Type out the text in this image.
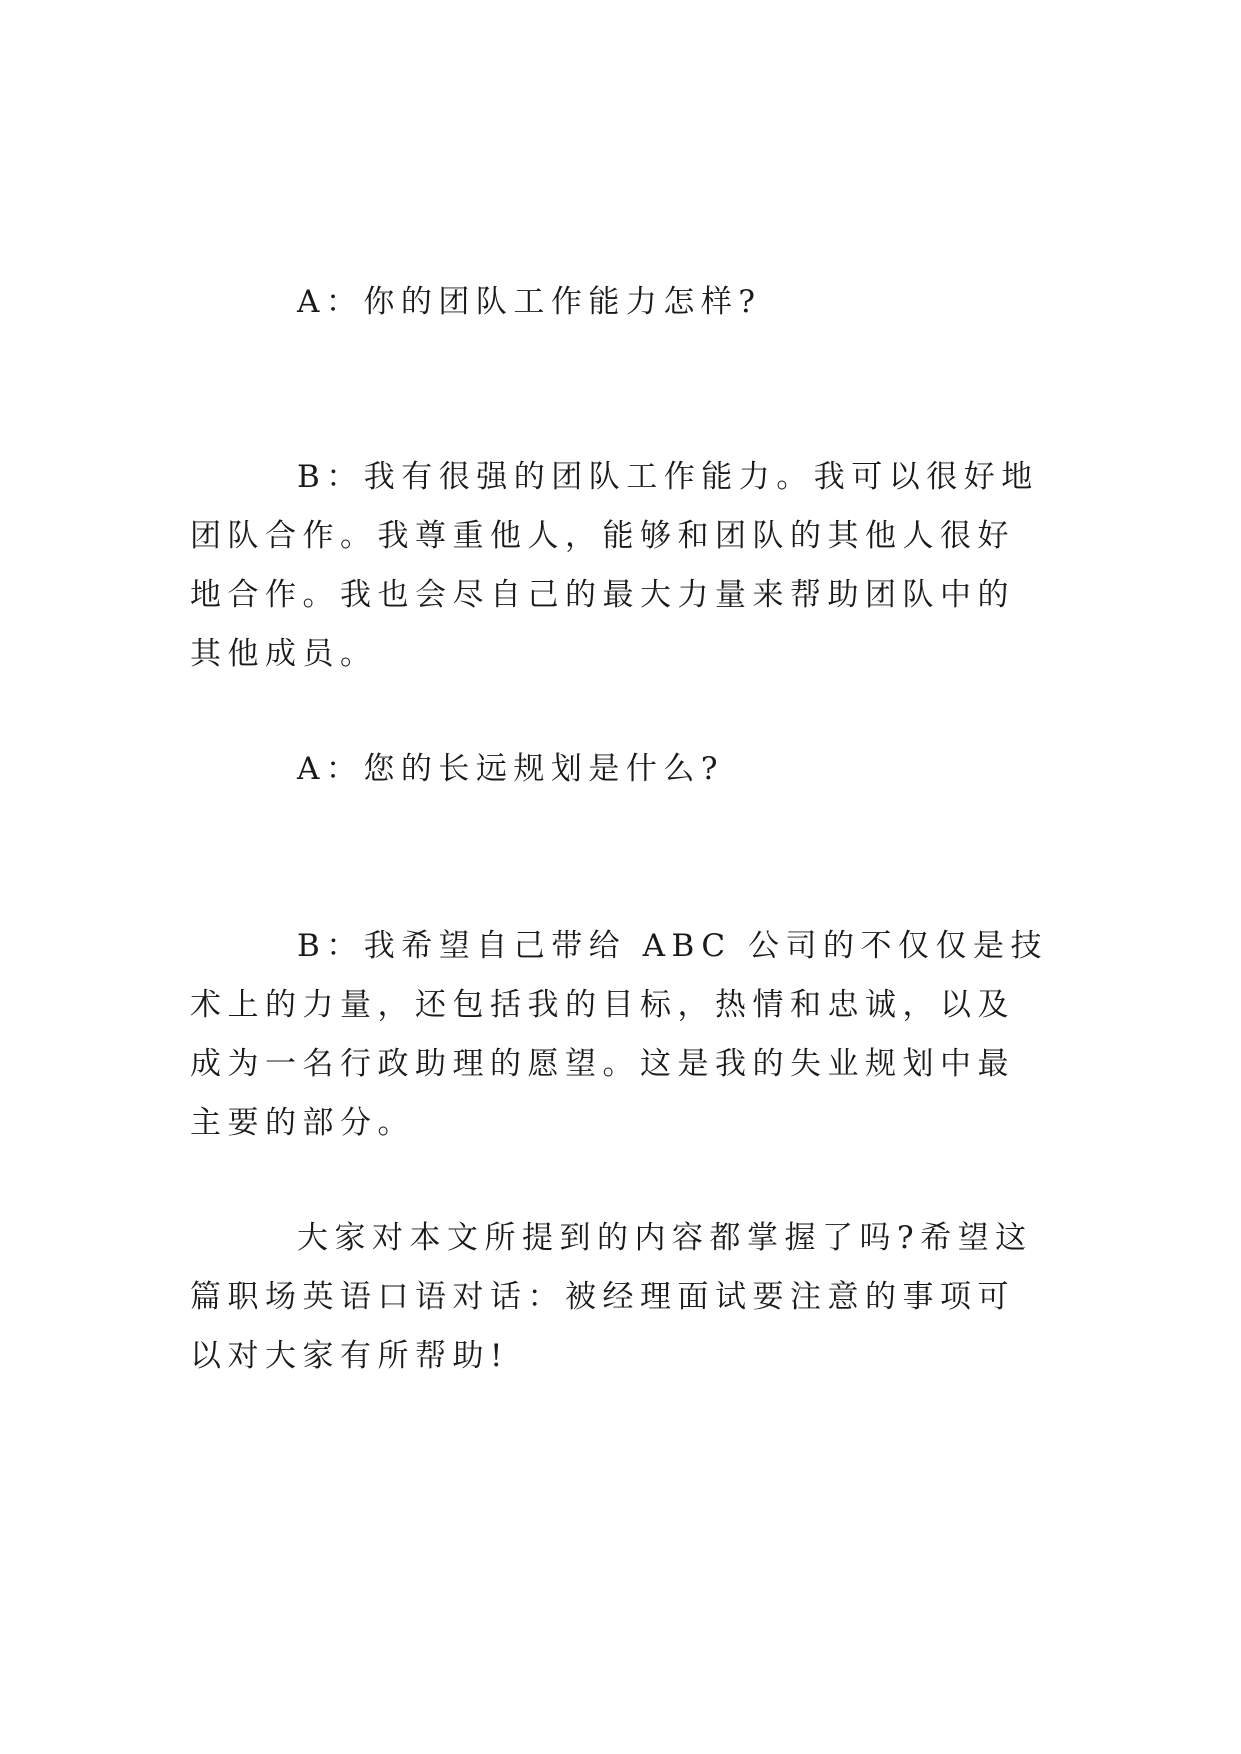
A：你的团队工作能力怎样?

B：我有很强的团队工作能力。我可以很好地团队合作。我尊重他人，能够和团队的其他人很好地合作。我也会尽自己的最大力量来帮助团队中的其他成员。

A：您的长远规划是什么?

B：我希望自己带给 ABC 公司的不仅仅是技术上的力量，还包括我的目标，热情和忠诚，以及成为一名行政助理的愿望。这是我的失业规划中最主要的部分。

大家对本文所提到的内容都掌握了吗?希望这篇职场英语口语对话：被经理面试要注意的事项可以对大家有所帮助!
